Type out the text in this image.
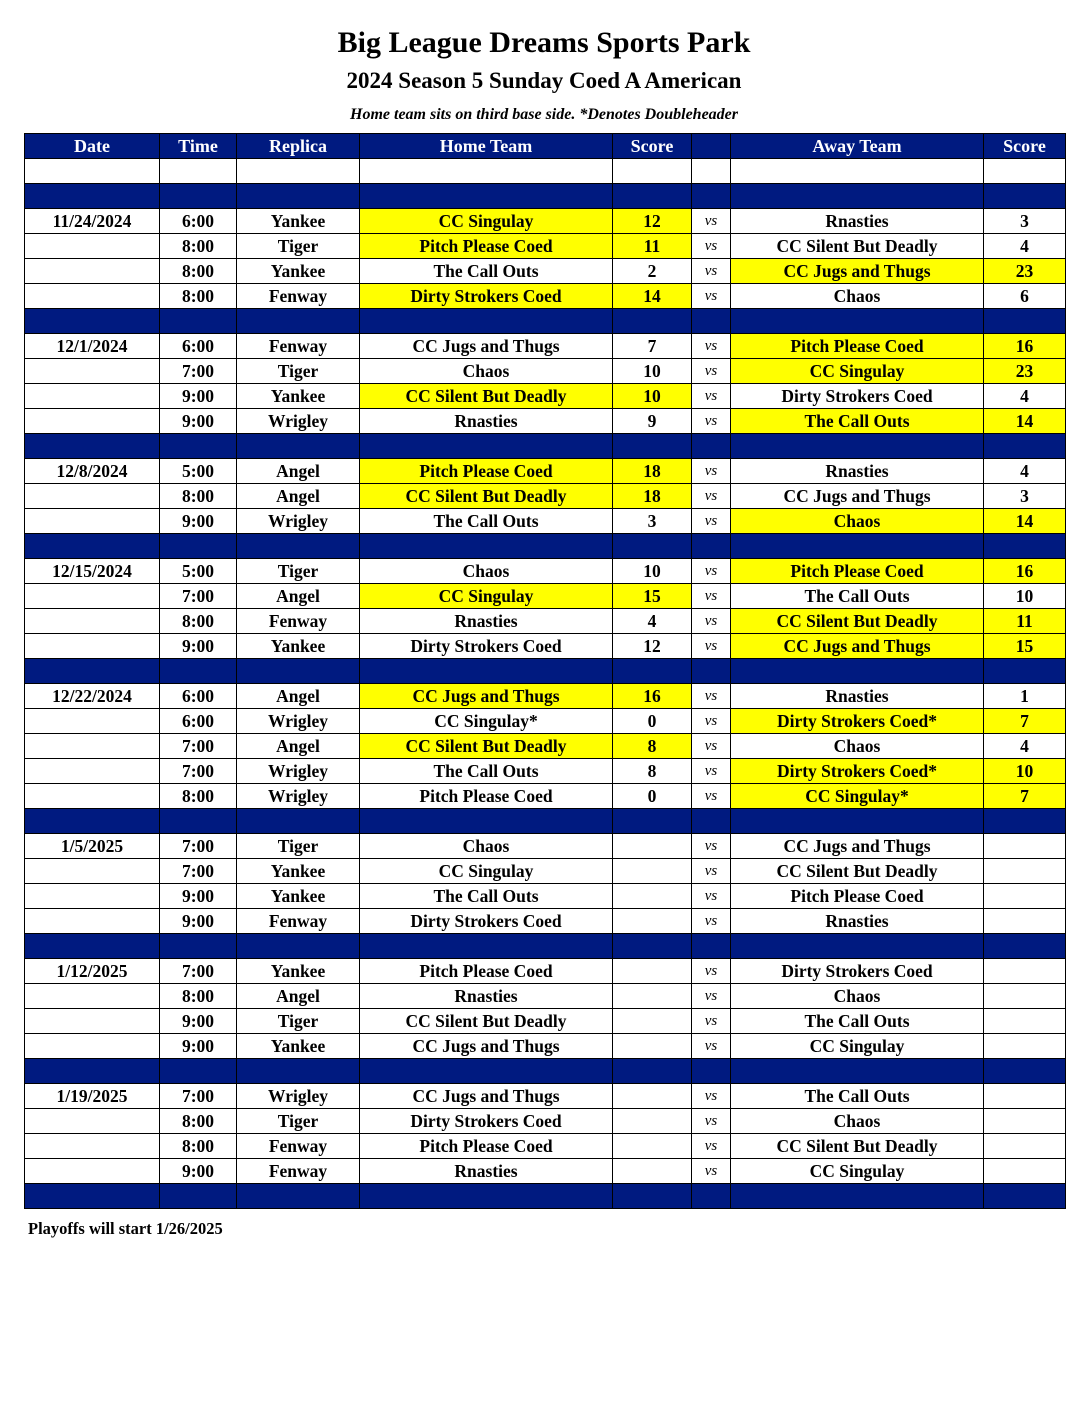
Big League Dreams Sports Park
2024 Season 5 Sunday Coed A American
Home team sits on third base side. *Denotes Doubleheader
Date	Time	Replica	Home Team	Score		Away Team	Score

11/24/2024	6:00	Yankee	CC Singulay	12	vs	Rnasties	3
	8:00	Tiger	Pitch Please Coed	11	vs	CC Silent But Deadly	4
	8:00	Yankee	The Call Outs	2	vs	CC Jugs and Thugs	23
	8:00	Fenway	Dirty Strokers Coed	14	vs	Chaos	6

12/1/2024	6:00	Fenway	CC Jugs and Thugs	7	vs	Pitch Please Coed	16
	7:00	Tiger	Chaos	10	vs	CC Singulay	23
	9:00	Yankee	CC Silent But Deadly	10	vs	Dirty Strokers Coed	4
	9:00	Wrigley	Rnasties	9	vs	The Call Outs	14

12/8/2024	5:00	Angel	Pitch Please Coed	18	vs	Rnasties	4
	8:00	Angel	CC Silent But Deadly	18	vs	CC Jugs and Thugs	3
	9:00	Wrigley	The Call Outs	3	vs	Chaos	14

12/15/2024	5:00	Tiger	Chaos	10	vs	Pitch Please Coed	16
	7:00	Angel	CC Singulay	15	vs	The Call Outs	10
	8:00	Fenway	Rnasties	4	vs	CC Silent But Deadly	11
	9:00	Yankee	Dirty Strokers Coed	12	vs	CC Jugs and Thugs	15

12/22/2024	6:00	Angel	CC Jugs and Thugs	16	vs	Rnasties	1
	6:00	Wrigley	CC Singulay*	0	vs	Dirty Strokers Coed*	7
	7:00	Angel	CC Silent But Deadly	8	vs	Chaos	4
	7:00	Wrigley	The Call Outs	8	vs	Dirty Strokers Coed*	10
	8:00	Wrigley	Pitch Please Coed	0	vs	CC Singulay*	7

1/5/2025	7:00	Tiger	Chaos		vs	CC Jugs and Thugs	
	7:00	Yankee	CC Singulay		vs	CC Silent But Deadly	
	9:00	Yankee	The Call Outs		vs	Pitch Please Coed	
	9:00	Fenway	Dirty Strokers Coed		vs	Rnasties	

1/12/2025	7:00	Yankee	Pitch Please Coed		vs	Dirty Strokers Coed	
	8:00	Angel	Rnasties		vs	Chaos	
	9:00	Tiger	CC Silent But Deadly		vs	The Call Outs	
	9:00	Yankee	CC Jugs and Thugs		vs	CC Singulay	

1/19/2025	7:00	Wrigley	CC Jugs and Thugs		vs	The Call Outs	
	8:00	Tiger	Dirty Strokers Coed		vs	Chaos	
	8:00	Fenway	Pitch Please Coed		vs	CC Silent But Deadly	
	9:00	Fenway	Rnasties		vs	CC Singulay	

Playoffs will start 1/26/2025
